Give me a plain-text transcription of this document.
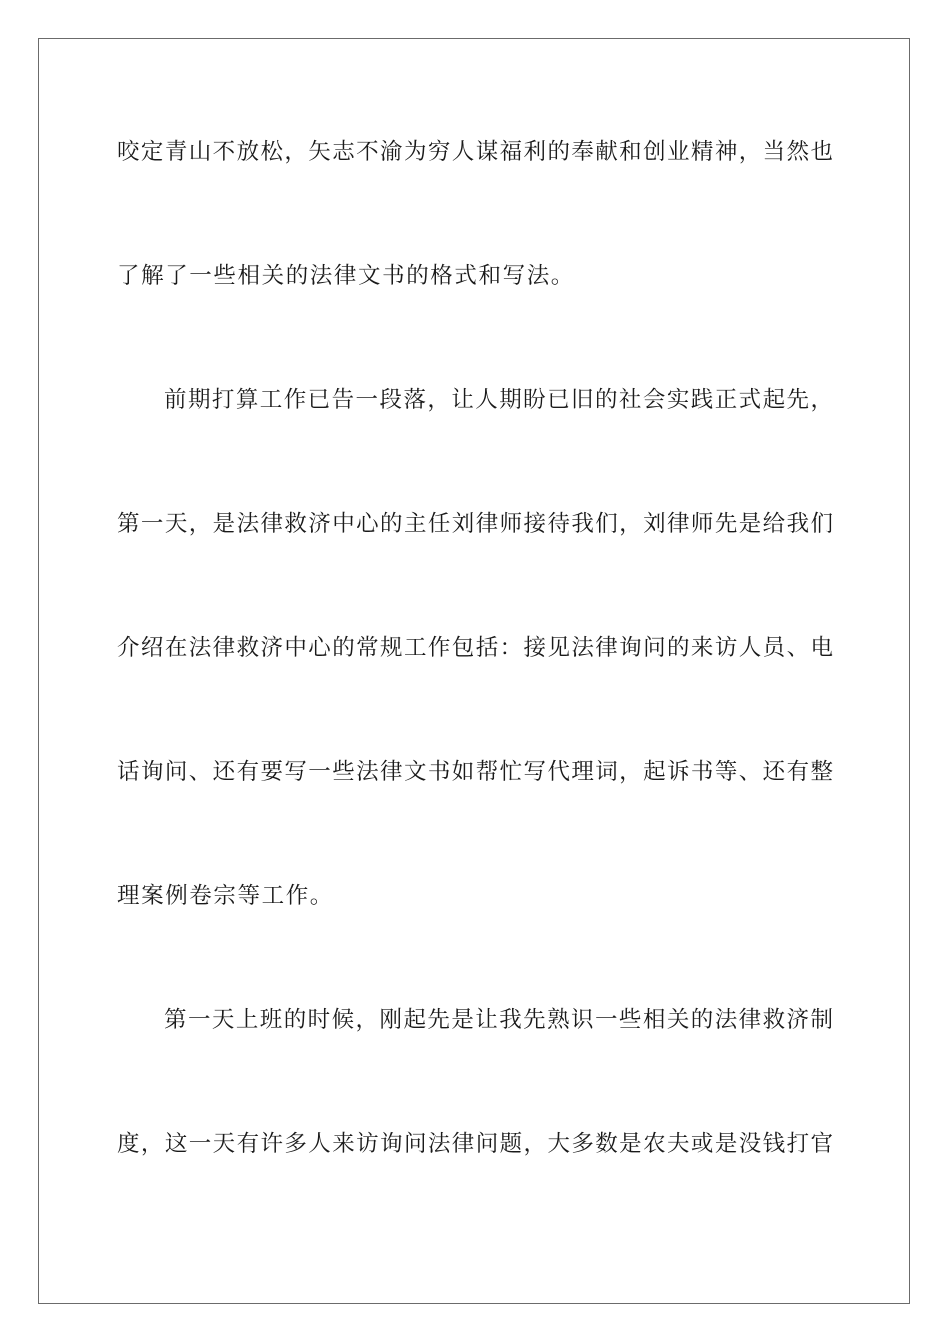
咬定青山不放松，矢志不渝为穷人谋福利的奉献和创业精神，当然也
了解了一些相关的法律文书的格式和写法。
前期打算工作已告一段落，让人期盼已旧的社会实践正式起先，
第一天，是法律救济中心的主任刘律师接待我们，刘律师先是给我们
介绍在法律救济中心的常规工作包括：接见法律询问的来访人员、电
话询问、还有要写一些法律文书如帮忙写代理词，起诉书等、还有整
理案例卷宗等工作。
第一天上班的时候，刚起先是让我先熟识一些相关的法律救济制
度，这一天有许多人来访询问法律问题，大多数是农夫或是没钱打官
